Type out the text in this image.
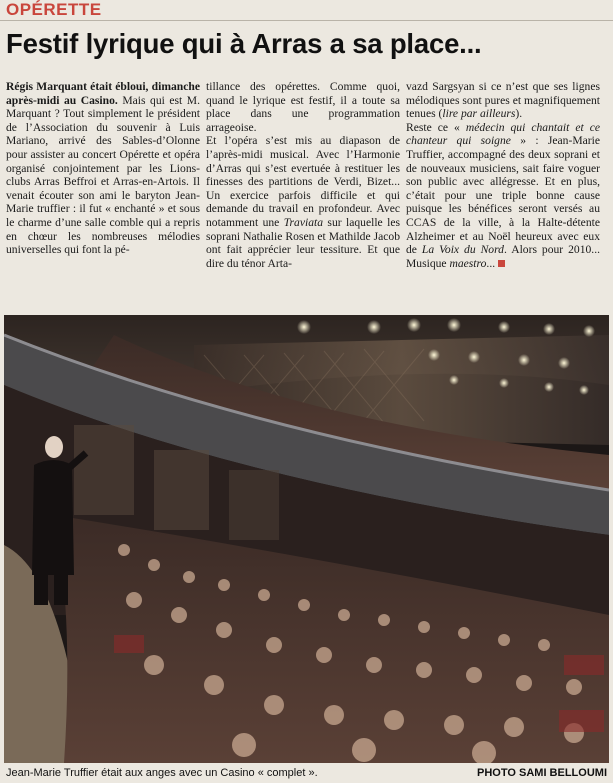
OPÉRETTE
Festif lyrique qui à Arras a sa place...

Régis Marquant était ébloui, dimanche après-midi au Casino. Mais qui est M. Marquant ? Tout simplement le président de l’Association du souvenir à Luis Mariano, arrivé des Sables-d’Olonne pour assister au concert Opérette et opéra organisé conjointement par les Lions-clubs Arras Beffroi et Arras-en-Artois. Il venait écouter son ami le baryton Jean-Marie truffier : il fut « enchanté » et sous le charme d’une salle comble qui a repris en chœur les nombreuses mélodies universelles qui font la pé-

tillance des opérettes. Comme quoi, quand le lyrique est festif, il a toute sa place dans une programmation arrageoise.

Et l’opéra s’est mis au diapason de l’après-midi musical. Avec l’Harmonie d’Arras qui s’est evertuée à restituer les finesses des partitions de Verdi, Bizet... Un exercice parfois difficile et qui demande du travail en profondeur. Avec notamment une Traviata sur laquelle les soprani Nathalie Rosen et Mathilde Jacob ont fait apprécier leur tessiture. Et que dire du ténor Arta-

vazd Sargsyan si ce n’est que ses lignes mélodiques sont pures et magnifiquement tenues (lire par ailleurs).

Reste ce « médecin qui chantait et ce chanteur qui soigne » : Jean-Marie Truffier, accompagné des deux soprani et de nouveaux musiciens, sait faire voguer son public avec allégresse. Et en plus, c’était pour une triple bonne cause puisque les bénéfices seront versés au CCAS de la ville, à la Halte-détente Alzheimer et au Noël heureux avec eux de La Voix du Nord. Alors pour 2010... Musique maestro...

Jean-Marie Truffier était aux anges avec un Casino « complet ».	PHOTO SAMI BELLOUMI
